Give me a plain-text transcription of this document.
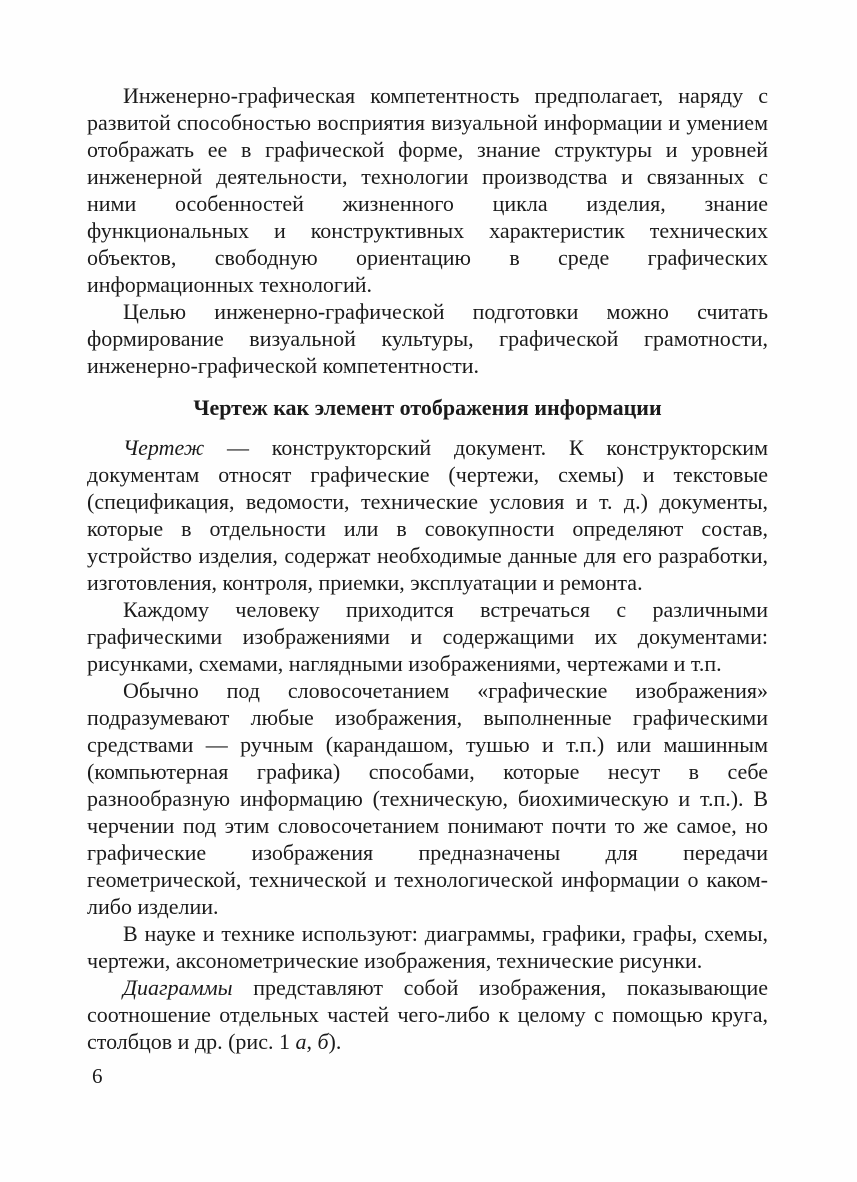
Инженерно-графическая компетентность предполагает, наряду с развитой способностью восприятия визуальной информации и умением отображать ее в графической форме, знание структуры и уровней инженерной деятельности, технологии производства и связанных с ними особенностей жизненного цикла изделия, знание функциональных и конструктивных характеристик технических объектов, свободную ориентацию в среде графических информационных технологий.

Целью инженерно-графической подготовки можно считать формирование визуальной культуры, графической грамотности, инженерно-графической компетентности.

Чертеж как элемент отображения информации

Чертеж — конструкторский документ. К конструкторским документам относят графические (чертежи, схемы) и текстовые (спецификация, ведомости, технические условия и т. д.) документы, которые в отдельности или в совокупности определяют состав, устройство изделия, содержат необходимые данные для его разработки, изготовления, контроля, приемки, эксплуатации и ремонта.

Каждому человеку приходится встречаться с различными графическими изображениями и содержащими их документами: рисунками, схемами, наглядными изображениями, чертежами и т.п.

Обычно под словосочетанием «графические изображения» подразумевают любые изображения, выполненные графическими средствами — ручным (карандашом, тушью и т.п.) или машинным (компьютерная графика) способами, которые несут в себе разнообразную информацию (техническую, биохимическую и т.п.). В черчении под этим словосочетанием понимают почти то же самое, но графические изображения предназначены для передачи геометрической, технической и технологической информации о каком-либо изделии.

В науке и технике используют: диаграммы, графики, графы, схемы, чертежи, аксонометрические изображения, технические рисунки.

Диаграммы представляют собой изображения, показывающие соотношение отдельных частей чего-либо к целому с помощью круга, столбцов и др. (рис. 1 а, б).

6
